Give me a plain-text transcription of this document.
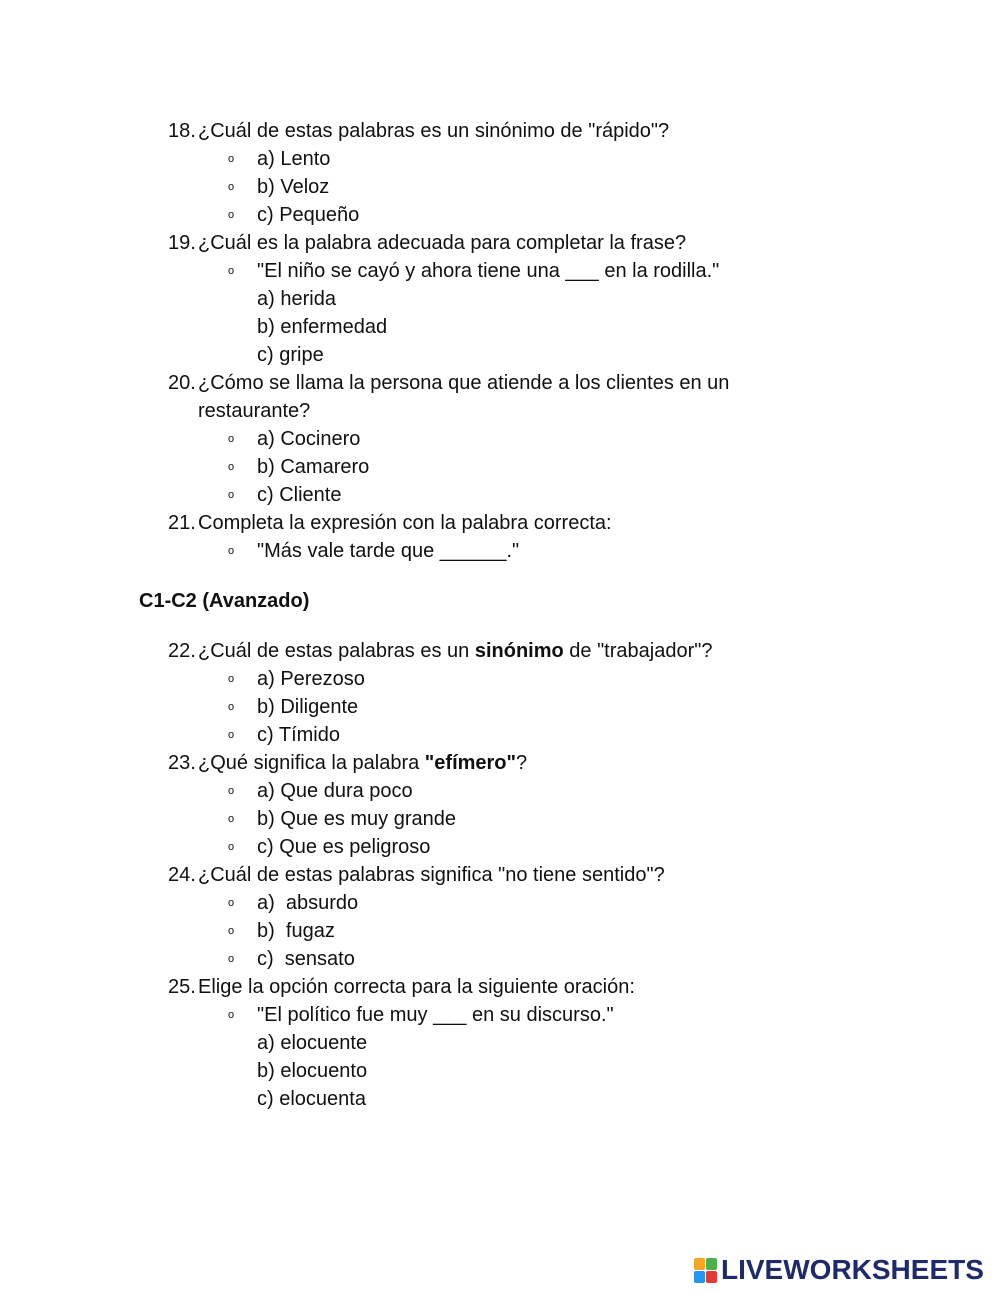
18. ¿Cuál de estas palabras es un sinónimo de "rápido"?
o a) Lento
o b) Veloz
o c) Pequeño
19. ¿Cuál es la palabra adecuada para completar la frase?
o "El niño se cayó y ahora tiene una ___ en la rodilla."
a) herida
b) enfermedad
c) gripe
20. ¿Cómo se llama la persona que atiende a los clientes en un
restaurante?
o a) Cocinero
o b) Camarero
o c) Cliente
21. Completa la expresión con la palabra correcta:
o "Más vale tarde que ______."
C1-C2 (Avanzado)
22. ¿Cuál de estas palabras es un sinónimo de "trabajador"?
o a) Perezoso
o b) Diligente
o c) Tímido
23. ¿Qué significa la palabra "efímero"?
o a) Que dura poco
o b) Que es muy grande
o c) Que es peligroso
24. ¿Cuál de estas palabras significa "no tiene sentido"?
o a)  absurdo
o b)  fugaz
o c)  sensato
25. Elige la opción correcta para la siguiente oración:
o "El político fue muy ___ en su discurso."
a) elocuente
b) elocuento
c) elocuenta
LIVEWORKSHEETS
